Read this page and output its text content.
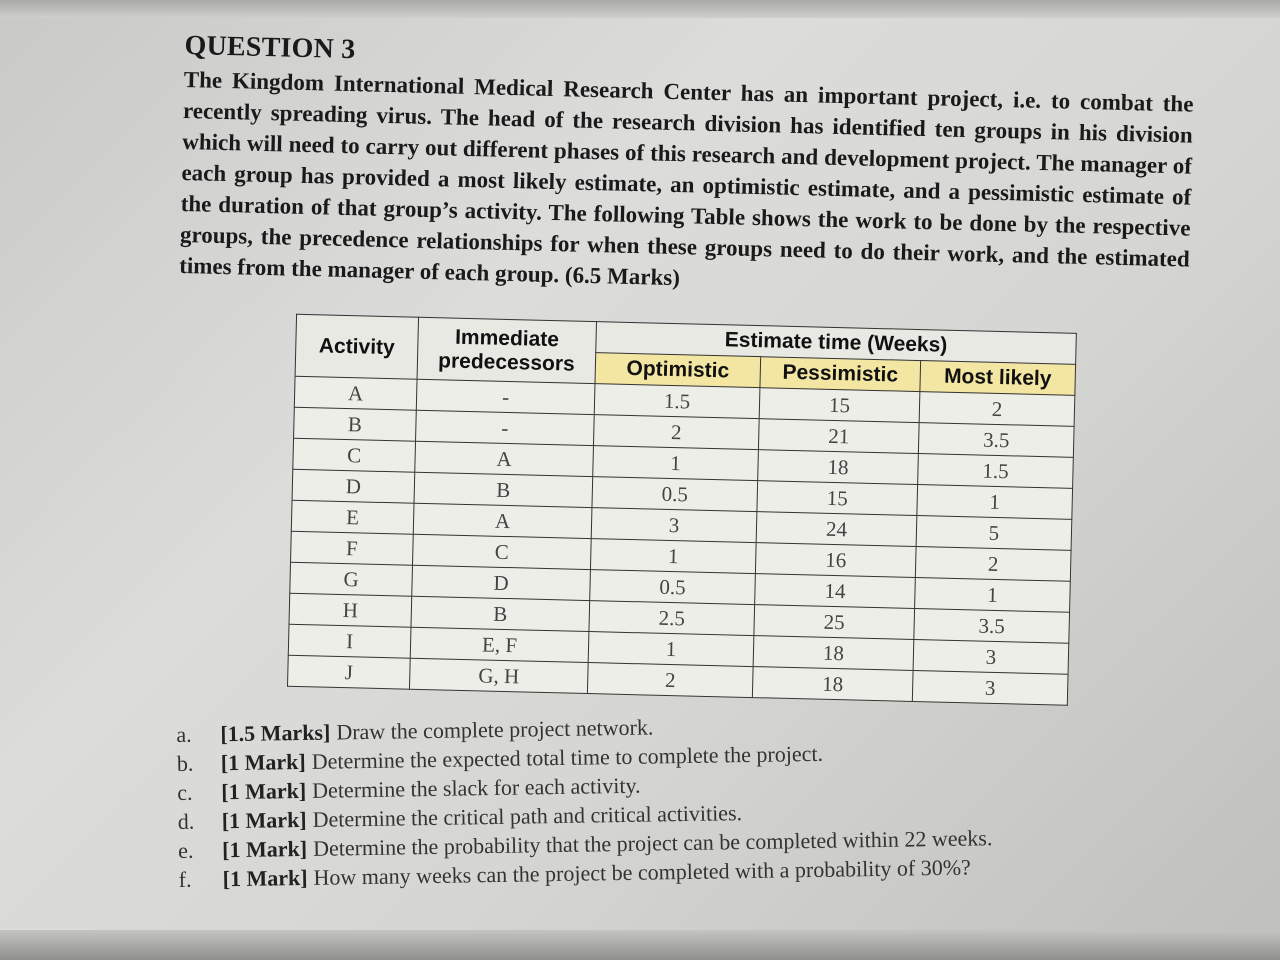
QUESTION 3

The Kingdom International Medical Research Center has an important project, i.e. to combat the recently spreading virus. The head of the research division has identified ten groups in his division which will need to carry out different phases of this research and development project. The manager of each group has provided a most likely estimate, an optimistic estimate, and a pessimistic estimate of the duration of that group’s activity. The following Table shows the work to be done by the respective groups, the precedence relationships for when these groups need to do their work, and the estimated times from the manager of each group. (6.5 Marks)

Activity	Immediate predecessors	Estimate time (Weeks)		
		Optimistic	Pessimistic	Most likely
A	-	1.5	15	2
B	-	2	21	3.5
C	A	1	18	1.5
D	B	0.5	15	1
E	A	3	24	5
F	C	1	16	2
G	D	0.5	14	1
H	B	2.5	25	3.5
I	E, F	1	18	3
J	G, H	2	18	3
a.	[1.5 Marks] Draw the complete project network.
b.	[1 Mark] Determine the expected total time to complete the project.
c.	[1 Mark] Determine the slack for each activity.
d.	[1 Mark] Determine the critical path and critical activities.
e.	[1 Mark] Determine the probability that the project can be completed within 22 weeks.
f.	[1 Mark] How many weeks can the project be completed with a probability of 30%?
